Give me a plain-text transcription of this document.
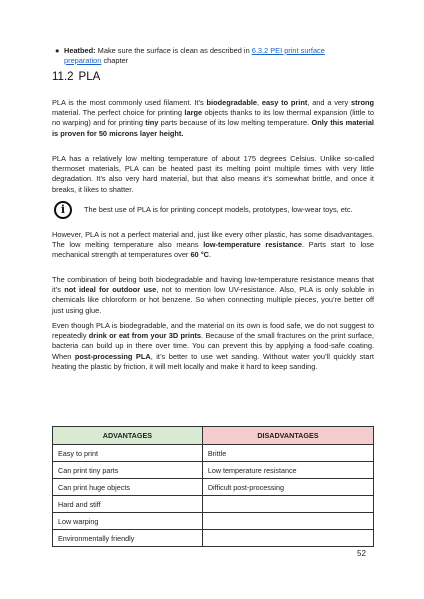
● Heatbed: Make sure the surface is clean as described in 6.3.2 PEI print surface preparation chapter
11.2 PLA

PLA is the most commonly used filament. It’s biodegradable, easy to print, and a very strong material. The perfect choice for printing large objects thanks to its low thermal expansion (little to no warping) and for printing tiny parts because of its low melting temperature. Only this material is proven for 50 microns layer height.

PLA has a relatively low melting temperature of about 175 degrees Celsius. Unlike so-called thermoset materials, PLA can be heated past its melting point multiple times with very little degradation. It’s also very hard material, but that also means it’s somewhat brittle, and once it breaks, it likes to shatter.

i	The best use of PLA is for printing concept models, prototypes, low-wear toys, etc.

However, PLA is not a perfect material and, just like every other plastic, has some disadvantages. The low melting temperature also means low-temperature resistance. Parts start to lose mechanical strength at temperatures over 60 °C.

The combination of being both biodegradable and having low-temperature resistance means that it’s not ideal for outdoor use, not to mention low UV-resistance. Also, PLA is only soluble in chemicals like chloroform or hot benzene. So when connecting multiple pieces, you’re better off just using glue.

Even though PLA is biodegradable, and the material on its own is food safe, we do not suggest to repeatedly drink or eat from your 3D prints. Because of the small fractures on the print surface, bacteria can build up in there over time. You can prevent this by applying a food-safe coating. When post-processing PLA, it’s better to use wet sanding. Without water you’ll quickly start heating the plastic by friction, it will melt locally and make it hard to keep sanding.

ADVANTAGES	DISADVANTAGES
Easy to print	Brittle
Can print tiny parts	Low temperature resistance
Can print huge objects	Difficult post-processing
Hard and stiff	
Low warping	
Environmentally friendly	
52
